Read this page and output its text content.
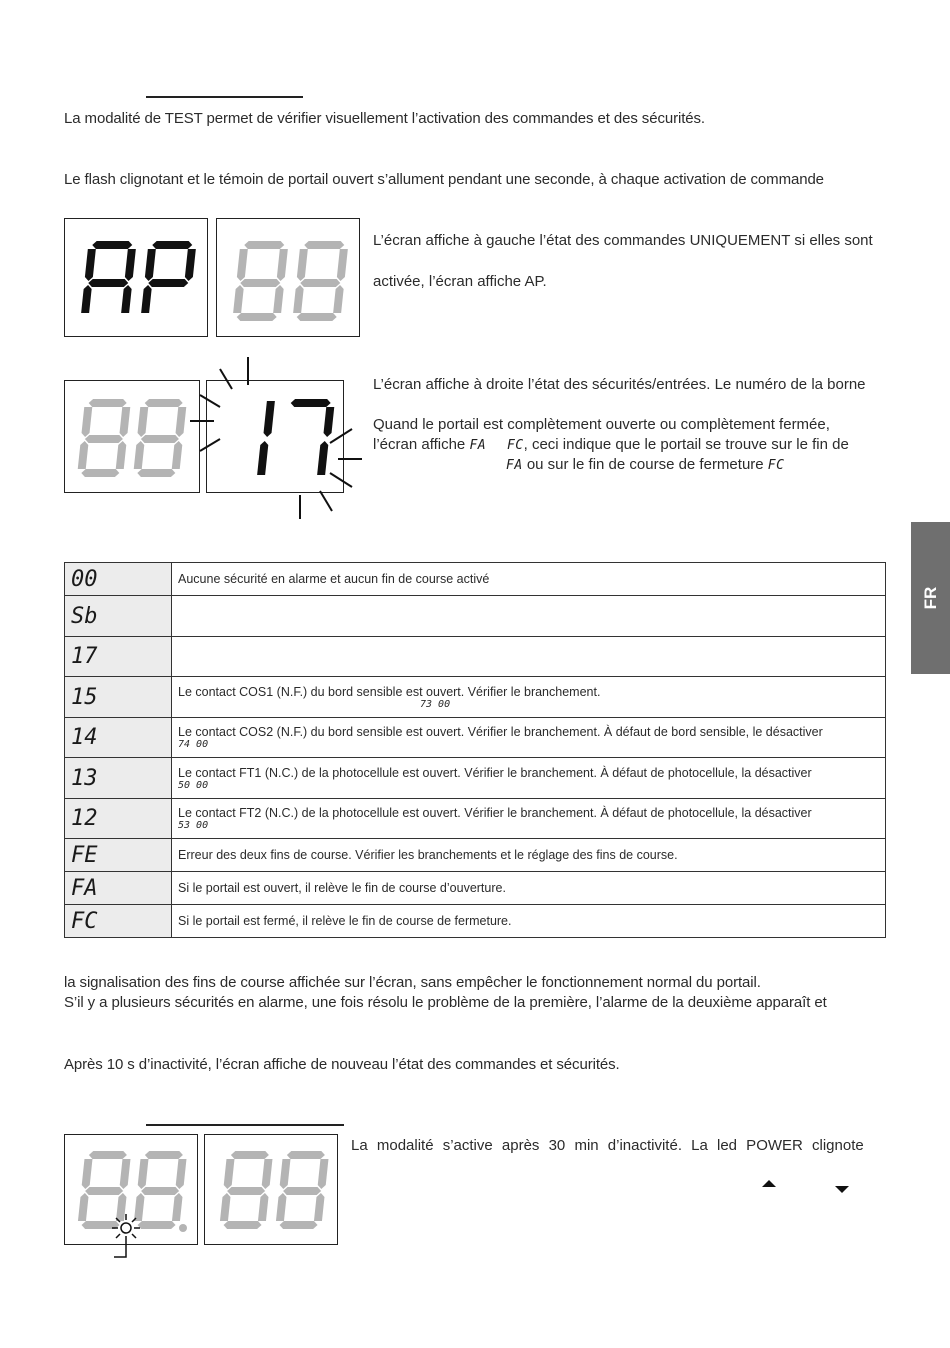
La modalité de TEST permet de vérifier visuellement l’activation des commandes et des sécurités.
Le flash clignotant et le témoin de portail ouvert s’allument pendant une seconde, à chaque activation de commande
L’écran affiche à gauche l’état des commandes UNIQUEMENT si elles sont
activée, l’écran affiche AP.
L’écran affiche à droite l’état des sécurités/entrées. Le numéro de la borne
Quand le portail est complètement ouverte ou complètement fermée,
l’écran affiche FA FC, ceci indique que le portail se trouve sur le fin de
FA ou sur le fin de course de fermeture FC
FR
00	Aucune sécurité en alarme et aucun fin de course activé
Sb	
17	
15	Le contact COS1 (N.F.) du bord sensible est ouvert. Vérifier le branchement.
73 00

14	Le contact COS2 (N.F.) du bord sensible est ouvert. Vérifier le branchement. À défaut de bord sensible, le désactiver
74 00

13	Le contact FT1 (N.C.) de la photocellule est ouvert. Vérifier le branchement. À défaut de photocellule, la désactiver
50 00

12	Le contact FT2 (N.C.) de la photocellule est ouvert. Vérifier le branchement. À défaut de photocellule, la désactiver
53 00

FE	Erreur des deux fins de course. Vérifier les branchements et le réglage des fins de course.
FA	Si le portail est ouvert, il relève le fin de course d’ouverture.
FC	Si le portail est fermé, il relève le fin de course de fermeture.
la signalisation des fins de course affichée sur l’écran, sans empêcher le fonctionnement normal du portail.
S’il y a plusieurs sécurités en alarme, une fois résolu le problème de la première, l’alarme de la deuxième apparaît et
Après 10 s d’inactivité, l’écran affiche de nouveau l’état des commandes et sécurités.
La modalité s’active après 30 min d’inactivité. La led POWER clignote
